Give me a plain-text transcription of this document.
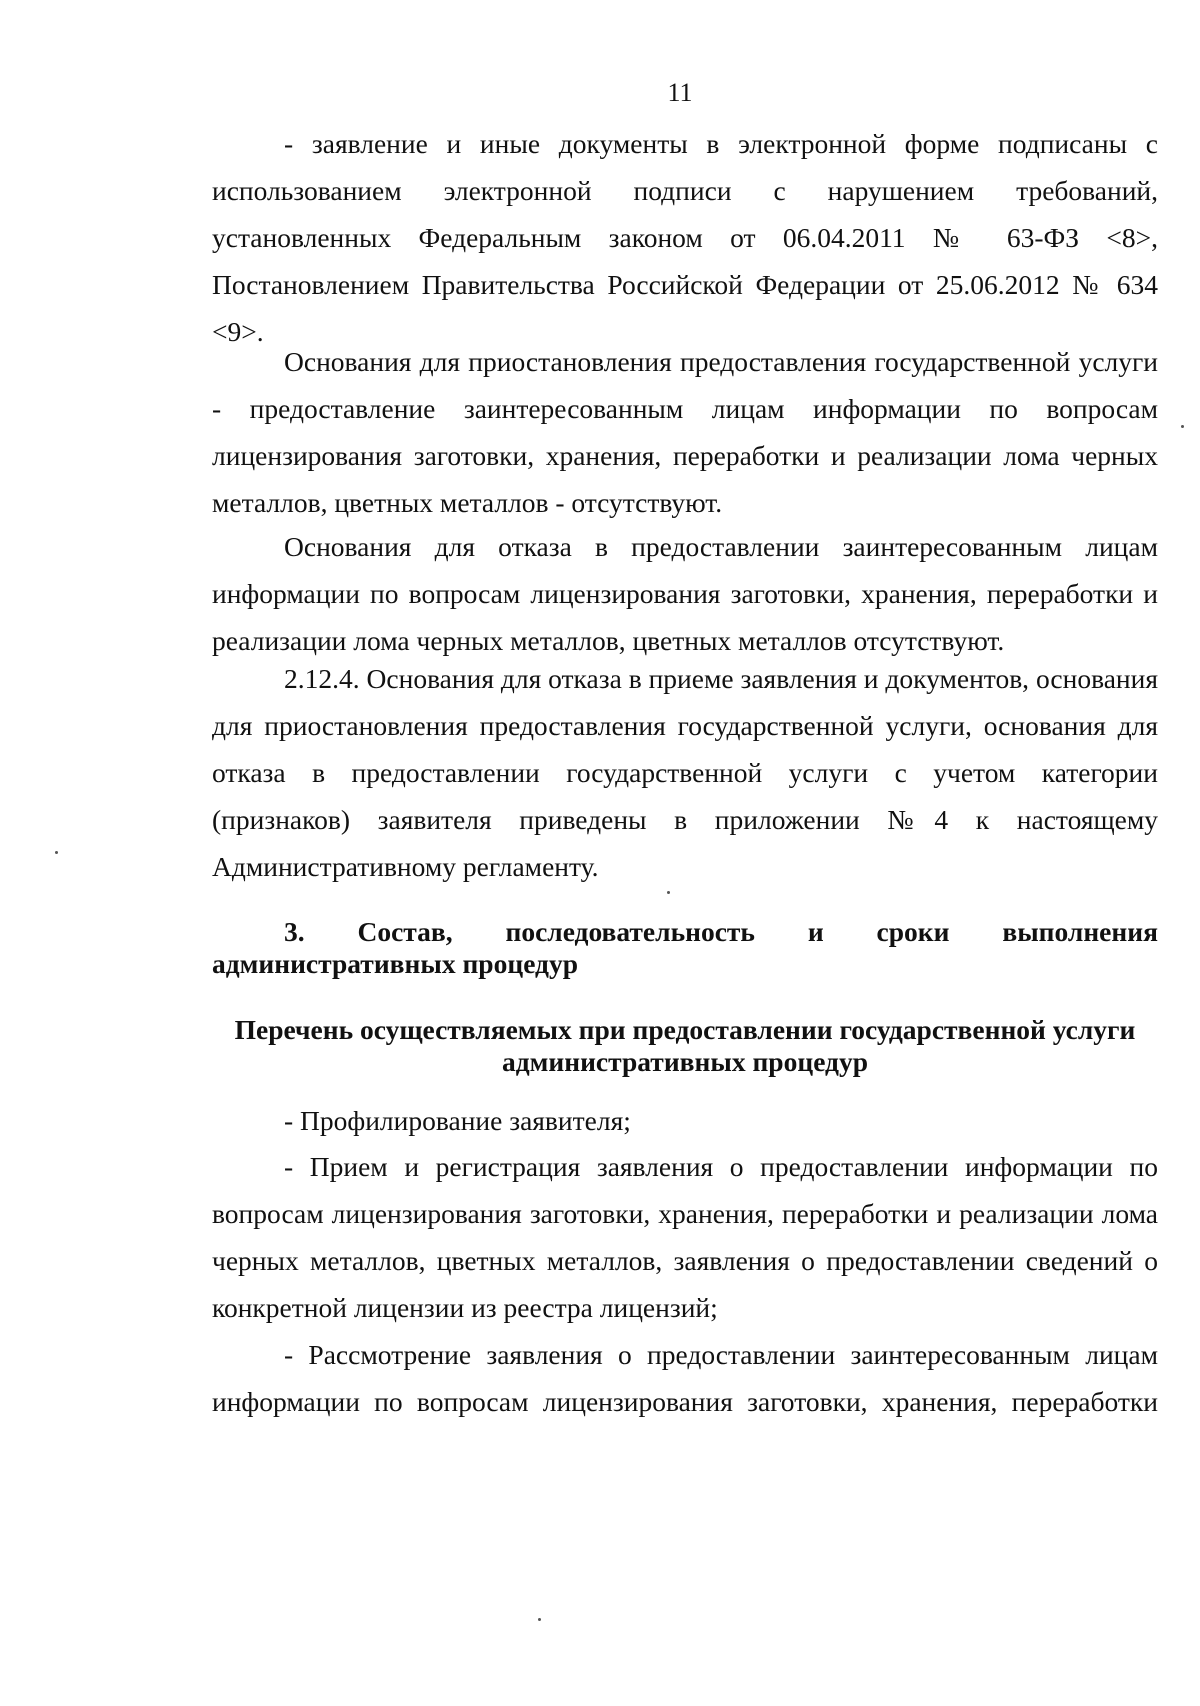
11

- заявление и иные документы в электронной форме подписаны с использованием электронной подписи с нарушением требований, установленных Федеральным законом от 06.04.2011 № 63-ФЗ <8>, Постановлением Правительства Российской Федерации от 25.06.2012 № 634 <9>.

Основания для приостановления предоставления государственной услуги - предоставление заинтересованным лицам информации по вопросам лицензирования заготовки, хранения, переработки и реализации лома черных металлов, цветных металлов - отсутствуют.

Основания для отказа в предоставлении заинтересованным лицам информации по вопросам лицензирования заготовки, хранения, переработки и реализации лома черных металлов, цветных металлов отсутствуют.

2.12.4. Основания для отказа в приеме заявления и документов, основания для приостановления предоставления государственной услуги, основания для отказа в предоставлении государственной услуги с учетом категории (признаков) заявителя приведены в приложении №4 к настоящему Административному регламенту.

3. Состав, последовательность и сроки выполнения
административных процедур
Перечень осуществляемых при предоставлении государственной услуги
административных процедур

- Профилирование заявителя;

- Прием и регистрация заявления о предоставлении информации по вопросам лицензирования заготовки, хранения, переработки и реализации лома черных металлов, цветных металлов, заявления о предоставлении сведений о конкретной лицензии из реестра лицензий;

- Рассмотрение заявления о предоставлении заинтересованным лицам информации по вопросам лицензирования заготовки, хранения, переработки
